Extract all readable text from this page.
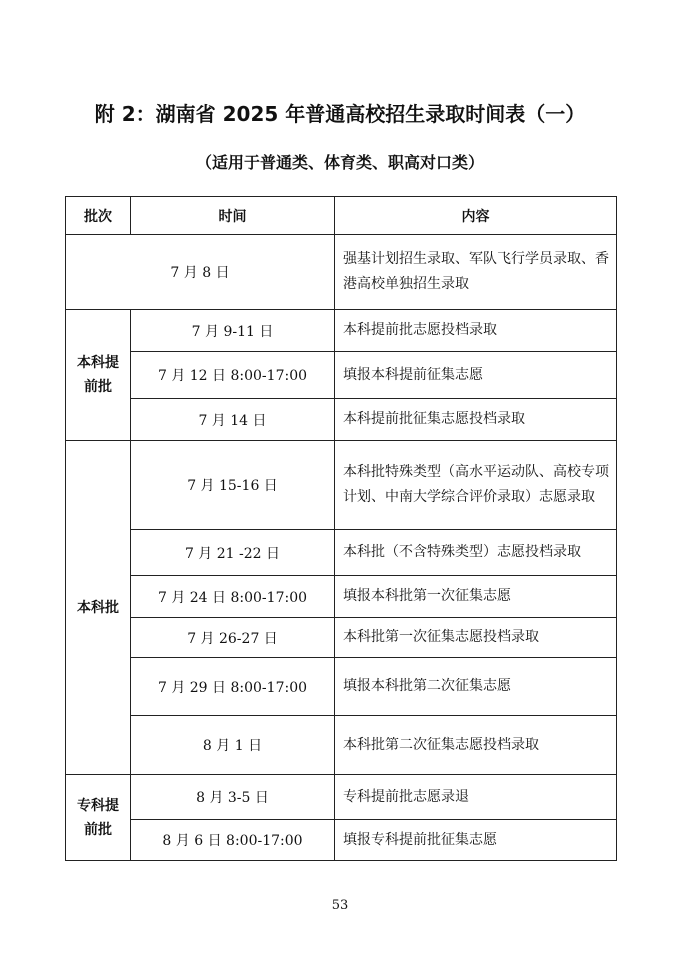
附 2：湖南省 2025 年普通高校招生录取时间表（一）
（适用于普通类、体育类、职高对口类）
批次	时间	内容
7 月 8 日		强基计划招生录取、军队飞行学员录取、香港高校单独招生录取
本科提前批	7 月 9-11 日	本科提前批志愿投档录取
	7 月 12 日 8:00-17:00	填报本科提前征集志愿
	7 月 14 日	本科提前批征集志愿投档录取
本科批	7 月 15-16 日	本科批特殊类型（高水平运动队、高校专项计划、中南大学综合评价录取）志愿录取
	7 月 21 -22 日	本科批（不含特殊类型）志愿投档录取
	7 月 24 日 8:00-17:00	填报本科批第一次征集志愿
	7 月 26-27 日	本科批第一次征集志愿投档录取
	7 月 29 日 8:00-17:00	填报本科批第二次征集志愿
	8 月 1 日	本科批第二次征集志愿投档录取
专科提前批	8 月 3-5 日	专科提前批志愿录退
	8 月 6 日 8:00-17:00	填报专科提前批征集志愿
53
